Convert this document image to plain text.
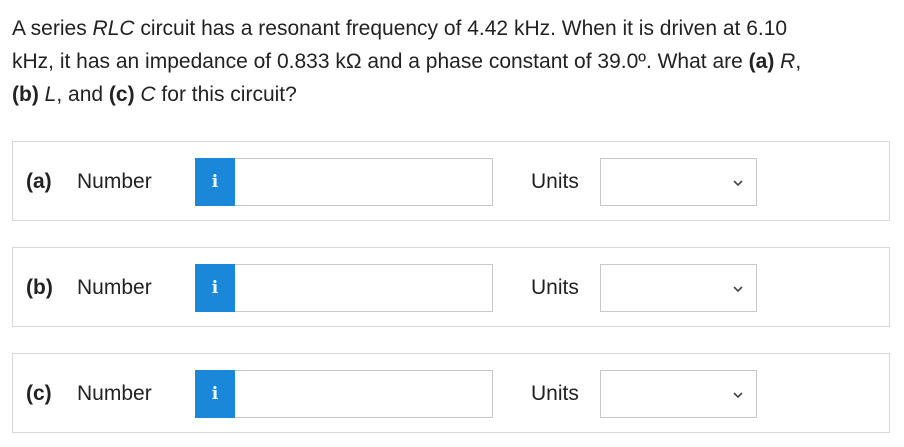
A series RLC circuit has a resonant frequency of 4.42 kHz. When it is driven at 6.10
kHz, it has an impedance of 0.833 kΩ and a phase constant of 39.0º. What are (a) R,
(b) L, and (c) C for this circuit?
(a) Number	i	Units
(b) Number	i	Units
(c) Number	i	Units
